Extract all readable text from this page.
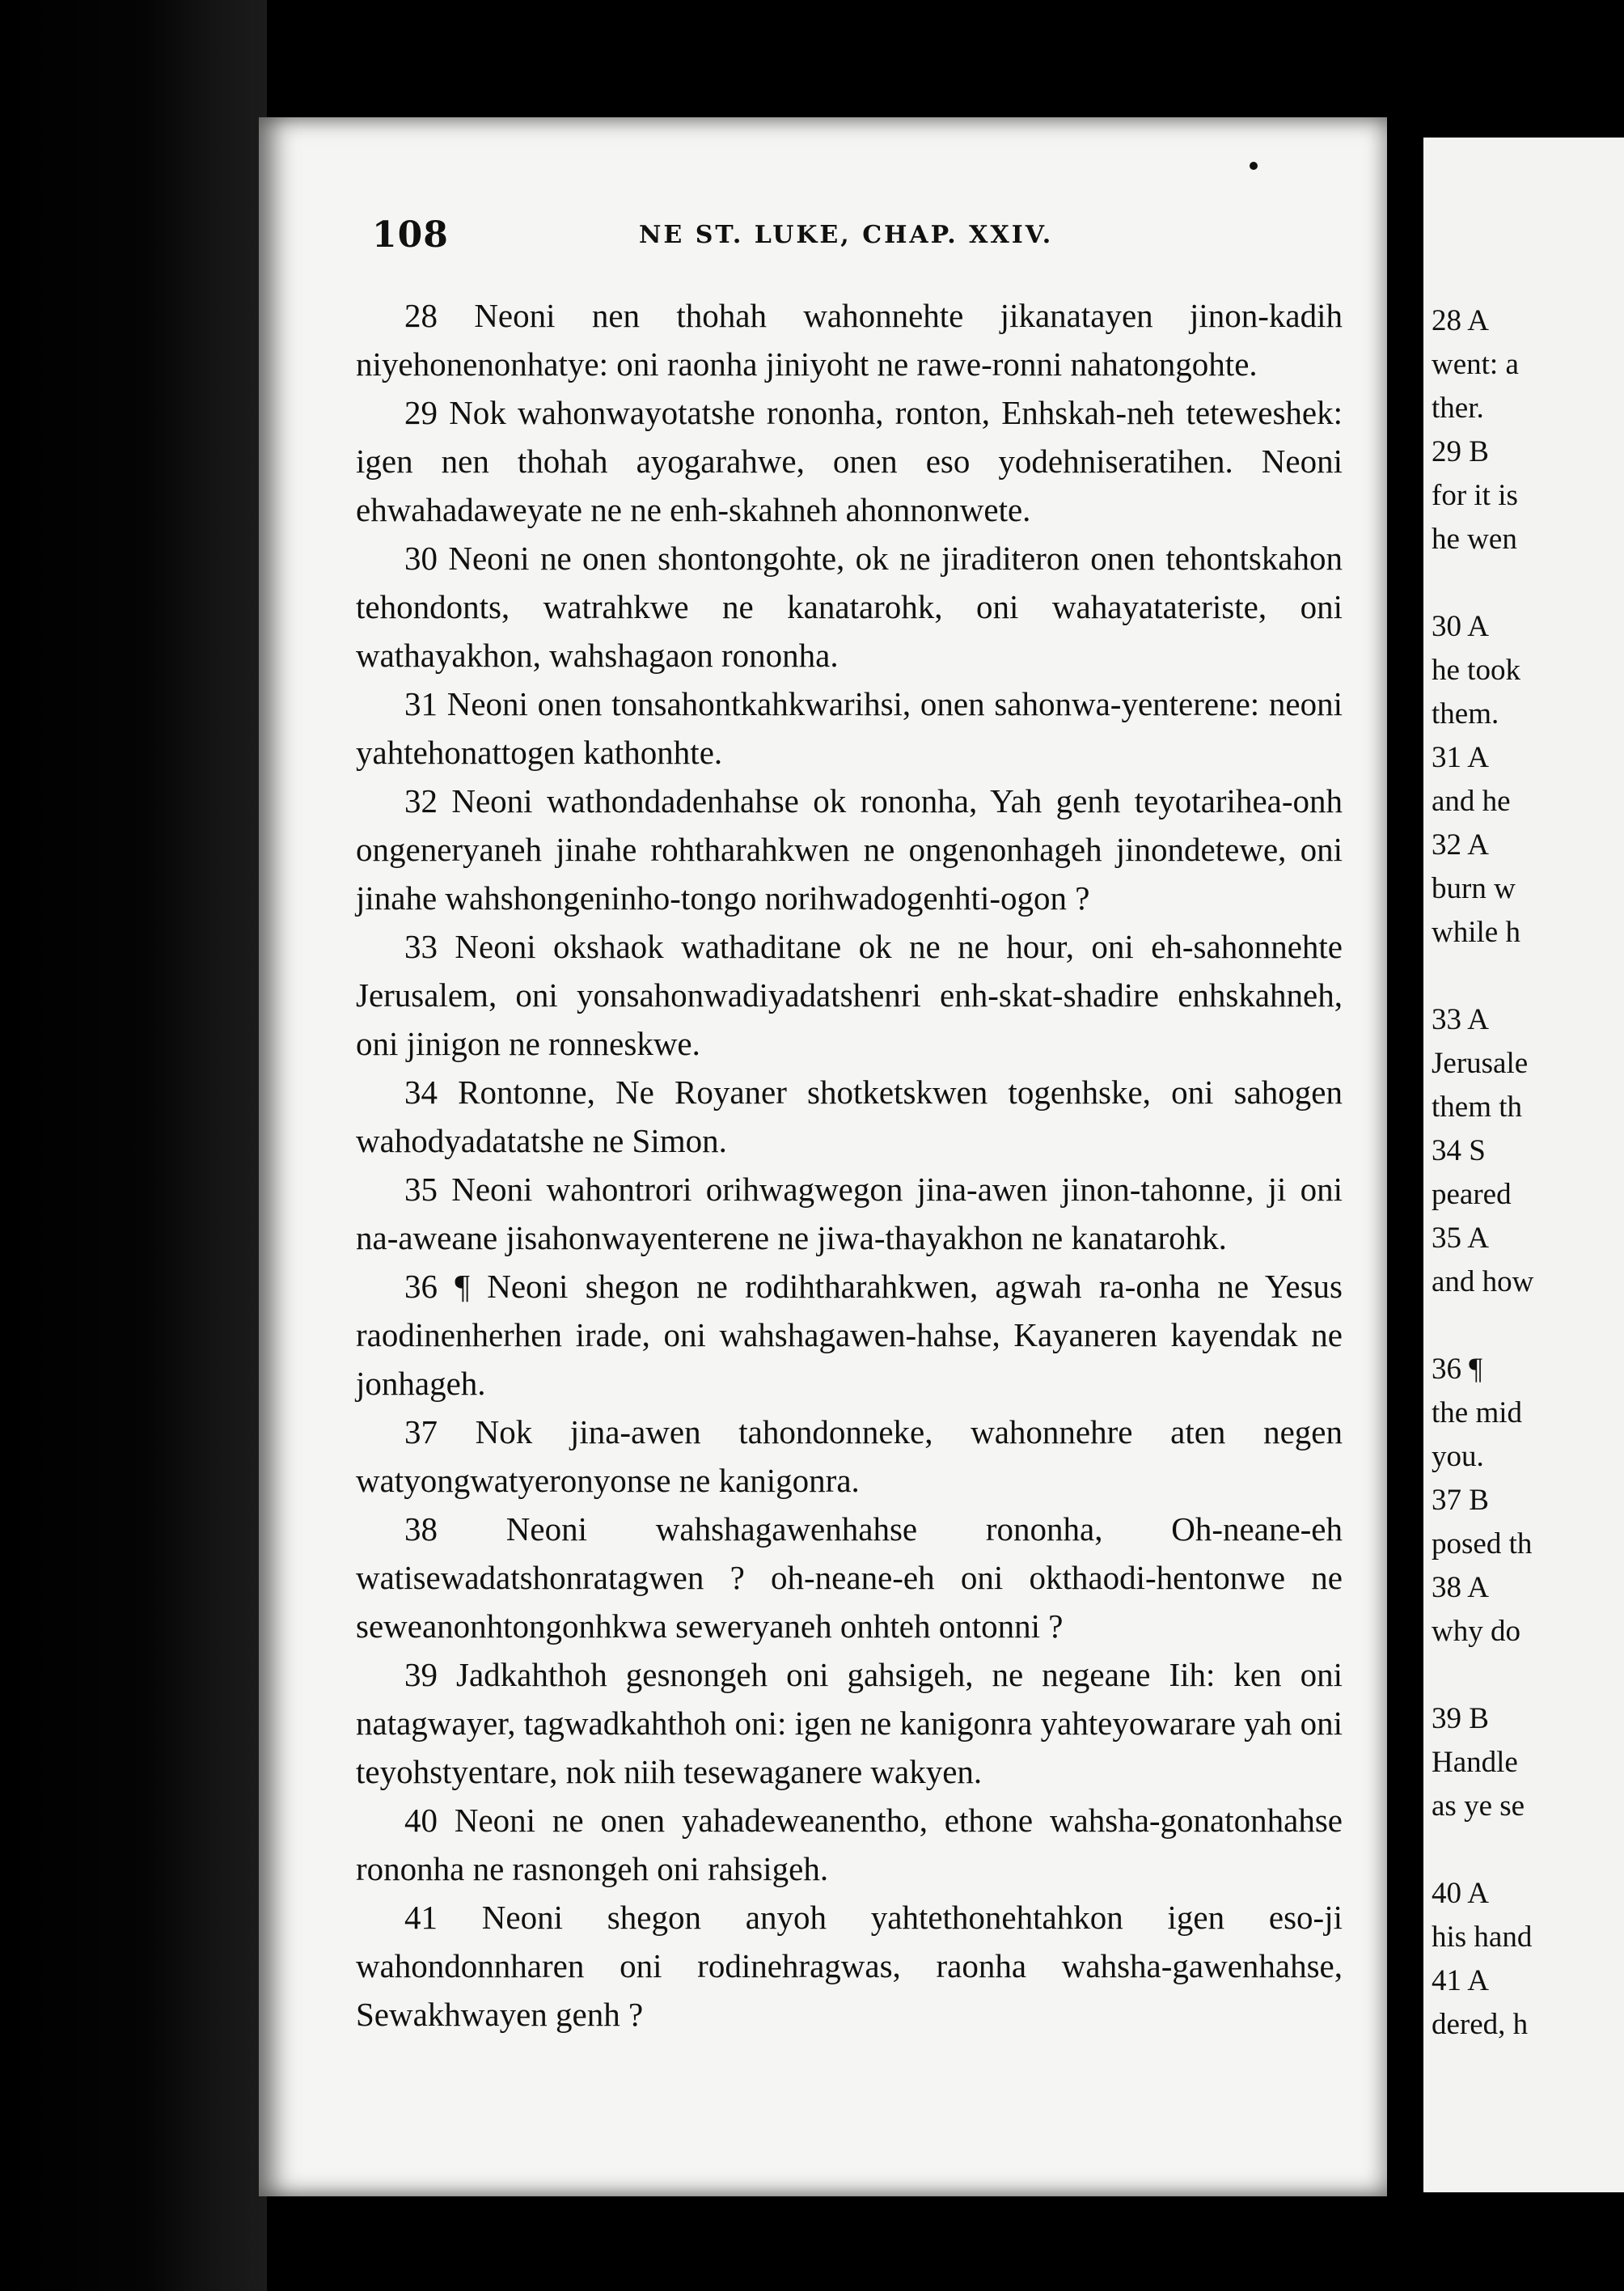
108	NE ST. LUKE, CHAP. XXIV.

28 Neoni nen thohah wahonnehte jikanatayen jinon-kadih niyehonenonhatye: oni raonha jiniyoht ne rawe-ronni nahatongohte.

29 Nok wahonwayotatshe rononha, ronton, Enhskah-neh teteweshek: igen nen thohah ayogarahwe, onen eso yodehniseratihen. Neoni ehwahadaweyate ne ne enh-skahneh ahonnonwete.

30 Neoni ne onen shontongohte, ok ne jiraditeron onen tehontskahon tehondonts, watrahkwe ne kanatarohk, oni wahayatateriste, oni wathayakhon, wahshagaon rononha.

31 Neoni onen tonsahontkahkwarihsi, onen sahonwa-yenterene: neoni yahtehonattogen kathonhte.

32 Neoni wathondadenhahse ok rononha, Yah genh teyotarihea-onh ongeneryaneh jinahe rohtharahkwen ne ongenonhageh jinondetewe, oni jinahe wahshongeninho-tongo norihwadogenhti-ogon ?

33 Neoni okshaok wathaditane ok ne ne hour, oni eh-sahonnehte Jerusalem, oni yonsahonwadiyadatshenri enh-skat-shadire enhskahneh, oni jinigon ne ronneskwe.

34 Rontonne, Ne Royaner shotketskwen togenhske, oni sahogen wahodyadatatshe ne Simon.

35 Neoni wahontrori orihwagwegon jina-awen jinon-tahonne, ji oni na-aweane jisahonwayenterene ne jiwa-thayakhon ne kanatarohk.

36 ¶ Neoni shegon ne rodihtharahkwen, agwah ra-onha ne Yesus raodinenherhen irade, oni wahshagawen-hahse, Kayaneren kayendak ne jonhageh.

37 Nok jina-awen tahondonneke, wahonnehre aten negen watyongwatyeronyonse ne kanigonra.

38 Neoni wahshagawenhahse rononha, Oh-neane-eh watisewadatshonratagwen ? oh-neane-eh oni okthaodi-hentonwe ne seweanonhtongonhkwa seweryaneh onhteh ontonni ?

39 Jadkahthoh gesnongeh oni gahsigeh, ne negeane Iih: ken oni natagwayer, tagwadkahthoh oni: igen ne kanigonra yahteyowarare yah oni teyohstyentare, nok niih tesewaganere wakyen.

40 Neoni ne onen yahadeweanentho, ethone wahsha-gonatonhahse rononha ne rasnongeh oni rahsigeh.

41 Neoni shegon anyoh yahtethonehtahkon igen eso-ji wahondonnharen oni rodinehragwas, raonha wahsha-gawenhahse, Sewakhwayen genh ?

28 A
went: a
ther.
29 B
for it is
he wen
30 A
he took
them.
31 A
and he
32 A
burn w
while h
33 A
Jerusale
them th
34 S
peared
35 A
and how
36 ¶
the mid
you.
37 B
posed th
38 A
why do
39 B
Handle
as ye se
40 A
his hand
41 A
dered, h
